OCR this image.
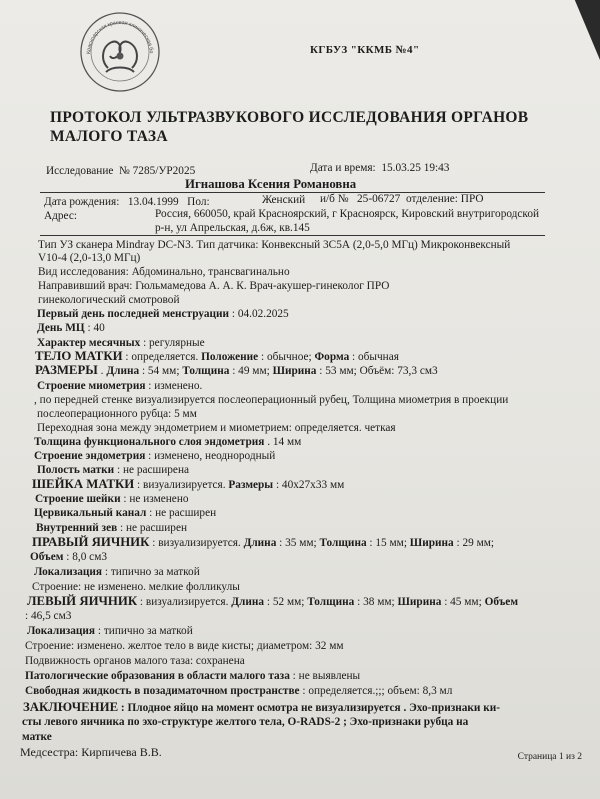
Красноярская краевая клиническая бо	КГБУЗ "ККМБ №4"
ПРОТОКОЛ УЛЬТРАЗВУКОВОГО ИССЛЕДОВАНИЯ ОРГАНОВ МАЛОГО ТАЗА
Исследование № 7285/УР2025	Дата и время: 15.03.25 19:43
Игнашова Ксения Романовна
Дата рождения: 13.04.1999 Пол:	Женский и/б № 25-06727 отделение: ПРО
Адрес:	Россия, 660050, край Красноярский, г Красноярск, Кировский внутригородской
р-н, ул Апрельская, д.6ж, кв.145
Тип УЗ сканера Mindray DC-N3. Тип датчика: Конвексный 3С5А (2,0-5,0 МГц) Микроконвексный
V10-4 (2,0-13,0 МГц)
Вид исследования: Абдоминально, трансвагинально
Направивший врач: Гюльмамедова А. А. К. Врач-акушер-гинеколог ПРО
гинекологический смотровой
Первый день последней менструации : 04.02.2025
День МЦ : 40
Характер месячных : регулярные
ТЕЛО МАТКИ : определяется. Положение : обычное; Форма : обычная
РАЗМЕРЫ . Длина : 54 мм; Толщина : 49 мм; Ширина : 53 мм; Объём: 73,3 см3
Строение миометрия : изменено.
, по передней стенке визуализируется послеоперационный рубец, Толщина миометрия в проекции
послеоперационного рубца: 5 мм
Переходная зона между эндометрием и миометрием: определяется. четкая
Толщина функционального слоя эндометрия . 14 мм
Строение эндометрия : изменено, неоднородный
Полость матки : не расширена
ШЕЙКА МАТКИ : визуализируется. Размеры : 40x27x33 мм
Строение шейки : не изменено
Цервикальный канал : не расширен
Внутренний зев : не расширен
ПРАВЫЙ ЯИЧНИК : визуализируется. Длина : 35 мм; Толщина : 15 мм; Ширина : 29 мм;
Объем : 8,0 см3
Локализация : типично за маткой
Строение: не изменено. мелкие фолликулы
ЛЕВЫЙ ЯИЧНИК : визуализируется. Длина : 52 мм; Толщина : 38 мм; Ширина : 45 мм; Объем
: 46,5 см3
Локализация : типично за маткой
Строение: изменено. желтое тело в виде кисты; диаметром: 32 мм
Подвижность органов малого таза: сохранена
Патологические образования в области малого таза : не выявлены
Свободная жидкость в позадиматочном пространстве : определяется.;;; объем: 8,3 мл
ЗАКЛЮЧЕНИЕ : Плодное яйцо на момент осмотра не визуализируется . Эхо-признаки ки-
сты левого яичника по эхо-структуре желтого тела, O-RADS-2 ; Эхо-признаки рубца на
матке
Медсестра: Кирпичева В.В.	Страница 1 из 2
